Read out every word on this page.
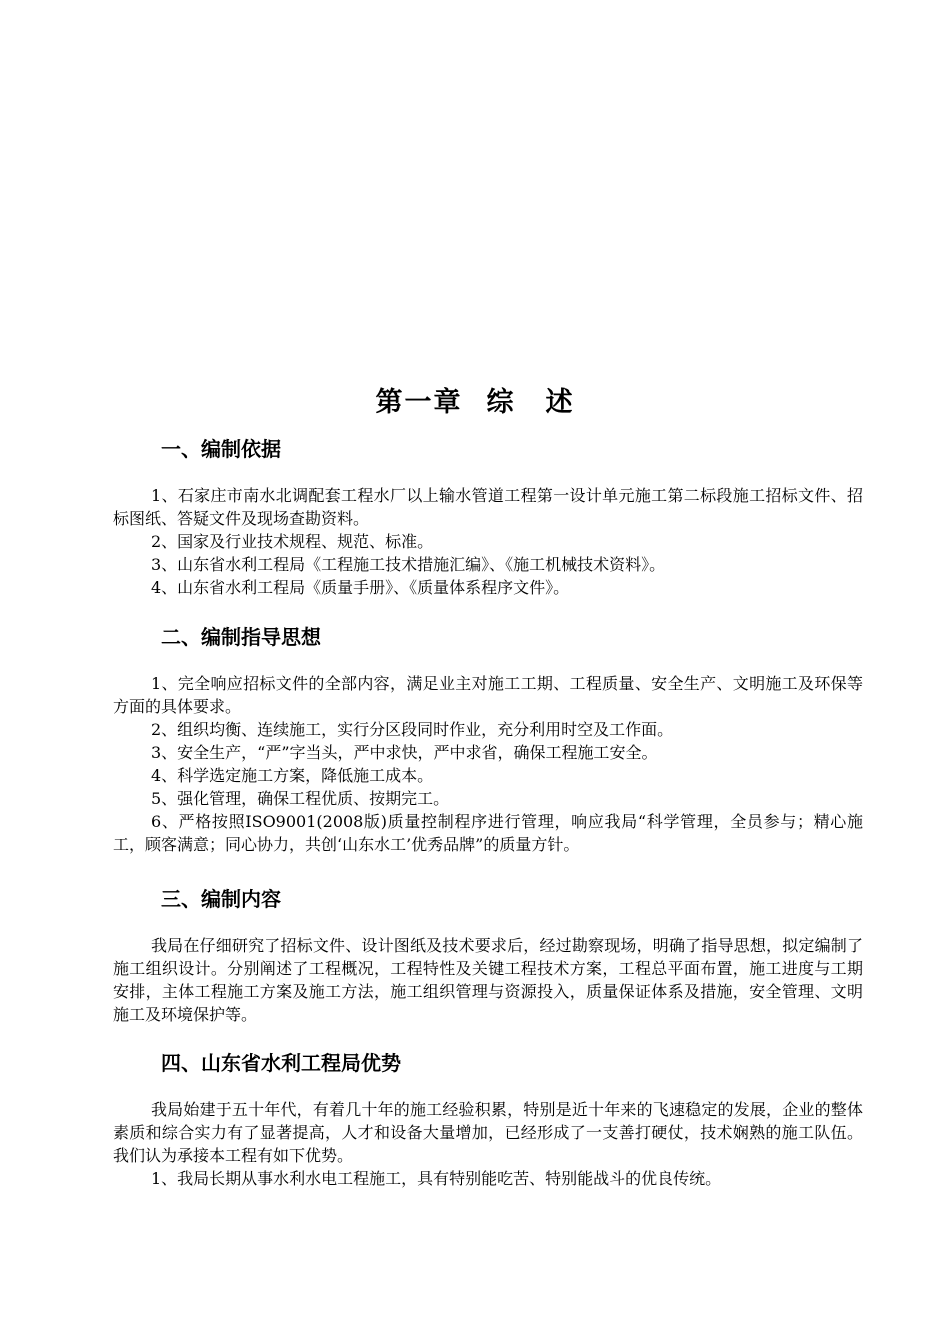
第一章 综 述
一、编制依据

1、石家庄市南水北调配套工程水厂以上输水管道工程第一设计单元施工第二标段施工招标文件、招标图纸、答疑文件及现场查勘资料。

2、国家及行业技术规程、规范、标准。

3、山东省水利工程局《工程施工技术措施汇编》、《施工机械技术资料》。

4、山东省水利工程局《质量手册》、《质量体系程序文件》。

二、编制指导思想

1、完全响应招标文件的全部内容，满足业主对施工工期、工程质量、安全生产、文明施工及环保等方面的具体要求。

2、组织均衡、连续施工，实行分区段同时作业，充分利用时空及工作面。

3、安全生产，“严”字当头，严中求快，严中求省，确保工程施工安全。

4、科学选定施工方案，降低施工成本。

5、强化管理，确保工程优质、按期完工。

6、严格按照ISO9001(2008版)质量控制程序进行管理，响应我局“科学管理，全员参与；精心施工，顾客满意；同心协力，共创‘山东水工’优秀品牌”的质量方针。

三、编制内容

我局在仔细研究了招标文件、设计图纸及技术要求后，经过勘察现场，明确了指导思想，拟定编制了施工组织设计。分别阐述了工程概况，工程特性及关键工程技术方案，工程总平面布置，施工进度与工期安排，主体工程施工方案及施工方法，施工组织管理与资源投入，质量保证体系及措施，安全管理、文明施工及环境保护等。

四、山东省水利工程局优势

我局始建于五十年代，有着几十年的施工经验积累，特别是近十年来的飞速稳定的发展，企业的整体素质和综合实力有了显著提高，人才和设备大量增加，已经形成了一支善打硬仗，技术娴熟的施工队伍。我们认为承接本工程有如下优势。

1、我局长期从事水利水电工程施工，具有特别能吃苦、特别能战斗的优良传统。
